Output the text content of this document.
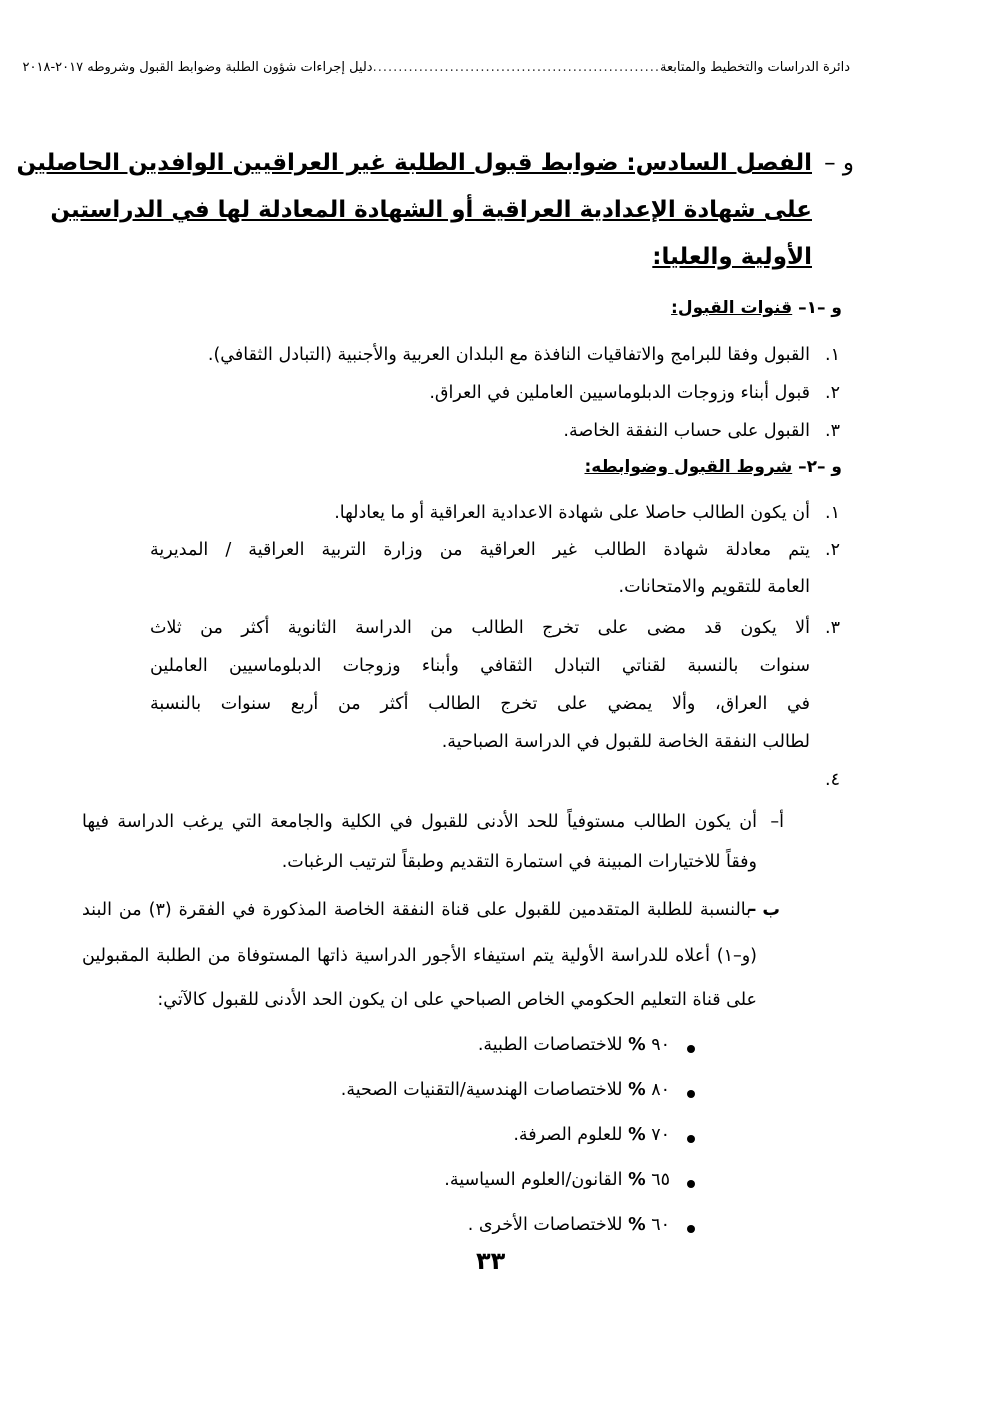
دائرة الدراسات والتخطيط والمتابعة
........................................................
دليل إجراءات شؤون الطلبة وضوابط القبول وشروطه ٢٠١٧-٢٠١٨
و –
الفصل السادس: ضوابط قبول الطلبة غير العراقيين الوافدين الحاصلين
على شهادة الإعدادية العراقية أو الشهادة المعادلة لها في الدراستين
الأولية والعليا:
و –١– قنوات القبول:
١.
القبول وفقا للبرامج والاتفاقيات النافذة مع البلدان العربية والأجنبية (التبادل الثقافي).
٢.
قبول أبناء وزوجات الدبلوماسيين العاملين في العراق.
٣.
القبول على حساب النفقة الخاصة.
و –٢– شروط القبول وضوابطه:
١.
أن يكون الطالب حاصلا على شهادة الاعدادية العراقية أو ما يعادلها.
٢.
يتم معادلة شهادة الطالب غير العراقية من وزارة التربية العراقية / المديرية
العامة للتقويم والامتحانات.
٣.
ألا يكون قد مضى على تخرج الطالب من الدراسة الثانوية أكثر من ثلاث
سنوات بالنسبة لقناتي التبادل الثقافي وأبناء وزوجات الدبلوماسيين العاملين
في العراق، وألا يمضي على تخرج الطالب أكثر من أربع سنوات بالنسبة
لطالب النفقة الخاصة للقبول في الدراسة الصباحية.
٤.
أ–
أن يكون الطالب مستوفياً للحد الأدنى للقبول في الكلية والجامعة التي يرغب الدراسة فيها
وفقاً للاختيارات المبينة في استمارة التقديم وطبقاً لترتيب الرغبات.
ب –
بالنسبة للطلبة المتقدمين للقبول على قناة النفقة الخاصة المذكورة في الفقرة (٣) من البند
(و–١) أعلاه للدراسة الأولية يتم استيفاء الأجور الدراسية ذاتها المستوفاة من الطلبة المقبولين
على قناة التعليم الحكومي الخاص الصباحي على ان يكون الحد الأدنى للقبول كالآتي:
٩٠ % للاختصاصات الطبية.
٨٠ % للاختصاصات الهندسية/التقنيات الصحية.
٧٠ % للعلوم الصرفة.
٦٥ % القانون/العلوم السياسية.
٦٠ % للاختصاصات الأخرى .
٣٣
